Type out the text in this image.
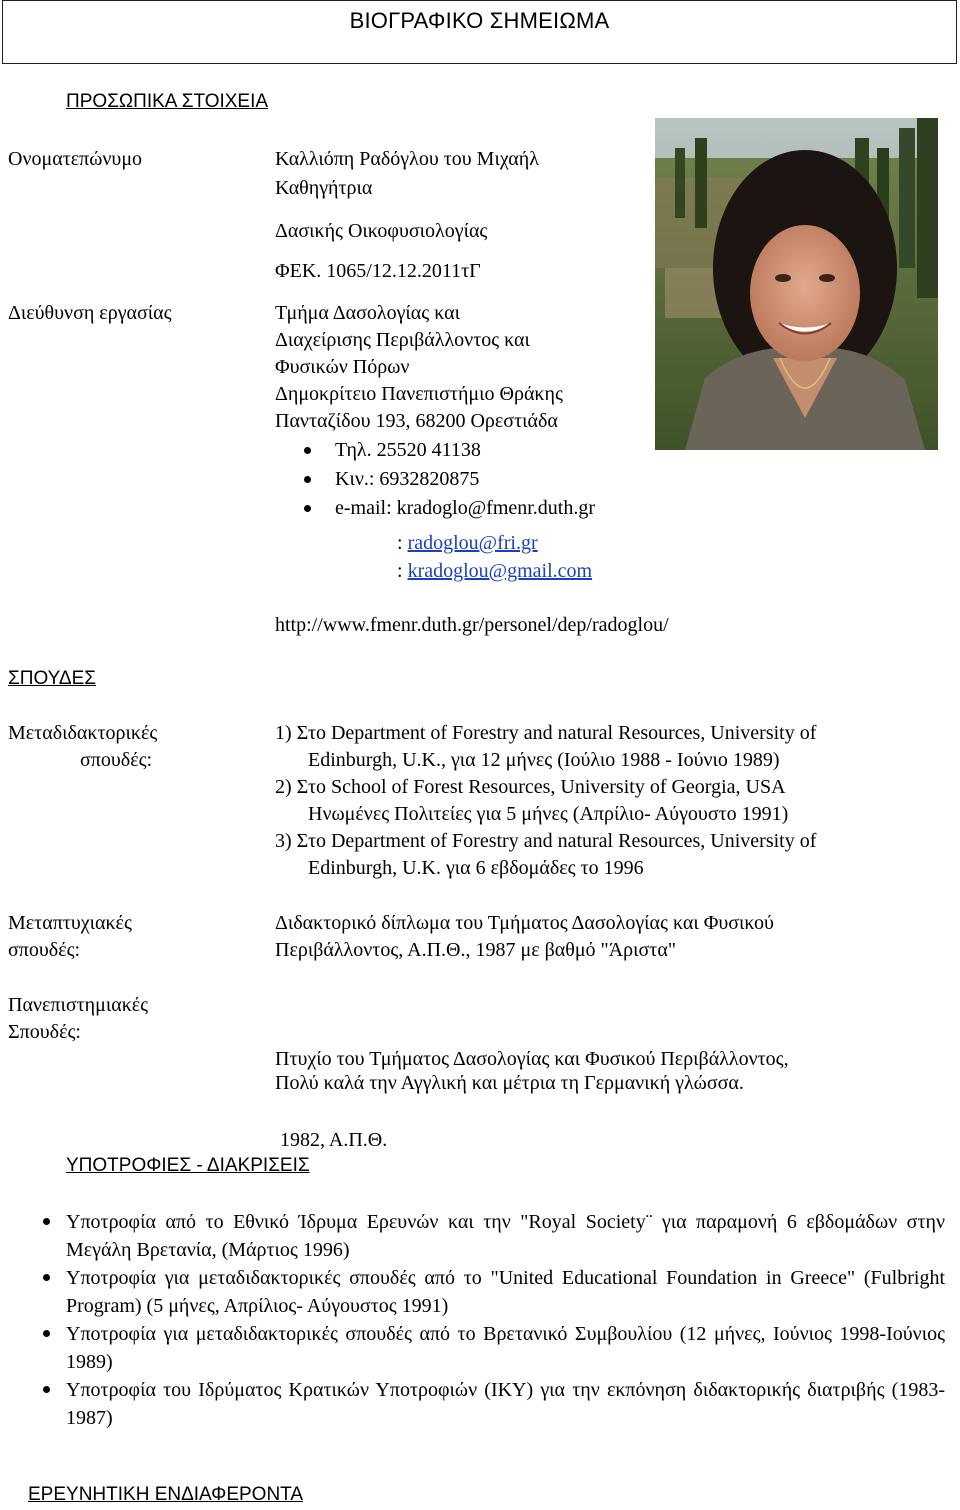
ΒΙΟΓΡΑΦΙΚΟ ΣΗΜΕΙΩΜΑ
ΠΡΟΣΩΠΙΚΑ ΣΤΟΙΧΕΙΑ
Ονοματεπώνυμο	Καλλιόπη Ραδόγλου του Μιχαήλ
Καθηγήτρια
Δασικής Οικοφυσιολογίας
ΦΕΚ. 1065/12.12.2011τΓ
Διεύθυνση εργασίας	Τμήμα Δασολογίας και
Διαχείρισης Περιβάλλοντος και
Φυσικών Πόρων
Δημοκρίτειο Πανεπιστήμιο Θράκης
Πανταζίδου 193, 68200 Ορεστιάδα
Τηλ. 25520 41138
Κιν.: 6932820875
e-mail: kradoglo@fmenr.duth.gr
: radoglou@fri.gr
: kradoglou@gmail.com
http://www.fmenr.duth.gr/personel/dep/radoglou/
ΣΠΟΥΔΕΣ
Μεταδιδακτορικές
σπουδές:
1) Στο Department of Forestry and natural Resources, University of
Edinburgh, U.K., για 12 μήνες (Ιούλιο 1988 - Ιούνιο 1989)
2) Στο School of Forest Resources, University of Georgia, USA
Ηνωμένες Πολιτείες για 5 μήνες (Απρίλιο- Αύγουστο 1991)
3) Στο Department of Forestry and natural Resources, University of
Edinburgh, U.K. για 6 εβδομάδες το 1996
Μεταπτυχιακές
σπουδές:
Διδακτορικό δίπλωμα του Τμήματος Δασολογίας και Φυσικού
Περιβάλλοντος, Α.Π.Θ., 1987 με βαθμό "Άριστα"
Πανεπιστημιακές
Σπουδές:

Πτυχίο του Τμήματος Δασολογίας και Φυσικού Περιβάλλοντος,

1982, Α.Π.Θ.

Πολύ καλά την Αγγλική και μέτρια τη Γερμανική γλώσσα.
ΥΠΟΤΡΟΦΙΕΣ - ΔΙΑΚΡΙΣΕΙΣ
Υποτροφία από το Εθνικό Ίδρυμα Ερευνών και την "Royal Society¨ για παραμονή 6 εβδομάδων στην Μεγάλη Βρετανία, (Μάρτιος 1996)
Υποτροφία για μεταδιδακτορικές σπουδές από το "United Educational Foundation in Greece" (Fulbright Program) (5 μήνες, Απρίλιος- Αύγουστος 1991)
Υποτροφία για μεταδιδακτορικές σπουδές από το Βρετανικό Συμβουλίου (12 μήνες, Ιούνιος 1998-Ιούνιος 1989)
Υποτροφία του Ιδρύματος Κρατικών Υποτροφιών (ΙΚΥ) για την εκπόνηση διδακτορικής διατριβής (1983-1987)
ΕΡΕΥΝΗΤΙΚΗ ΕΝΔΙΑΦΕΡΟΝΤΑ
